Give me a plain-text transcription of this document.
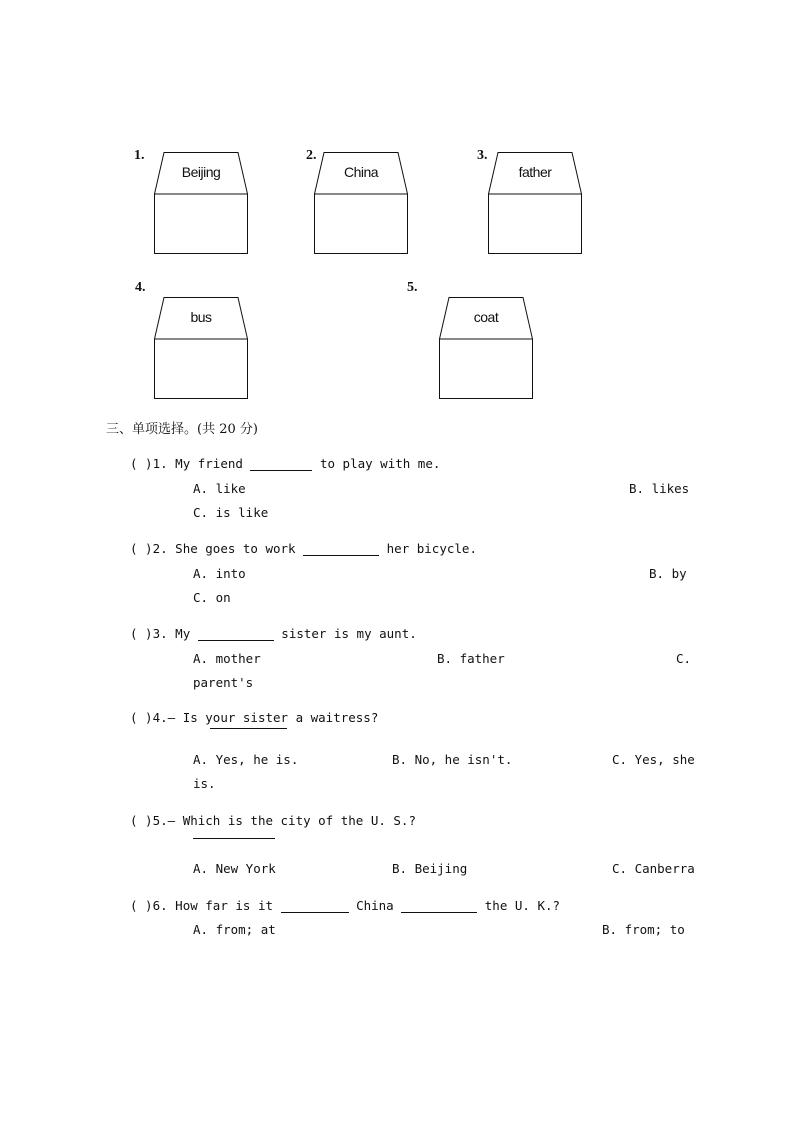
1.
Beijing
2.
China
3.
father
4.
bus
5.
coat
三、单项选择。(共 20 分)
( )1. My friend	to play with me.
A. like	B. likes
C. is like
( )2. She goes to work	her bicycle.
A. into	B. by
C. on
( )3. My	sister is my aunt.
A. mother	B. father	C.
parent's
( )4.— Is your sister a waitress?
A. Yes, he is.	B. No, he isn't.	C. Yes, she
is.
( )5.— Which is the city of the U. S.?
A. New York	B. Beijing	C. Canberra
( )6. How far is it	China	the U. K.?
A. from; at	B. from; to
